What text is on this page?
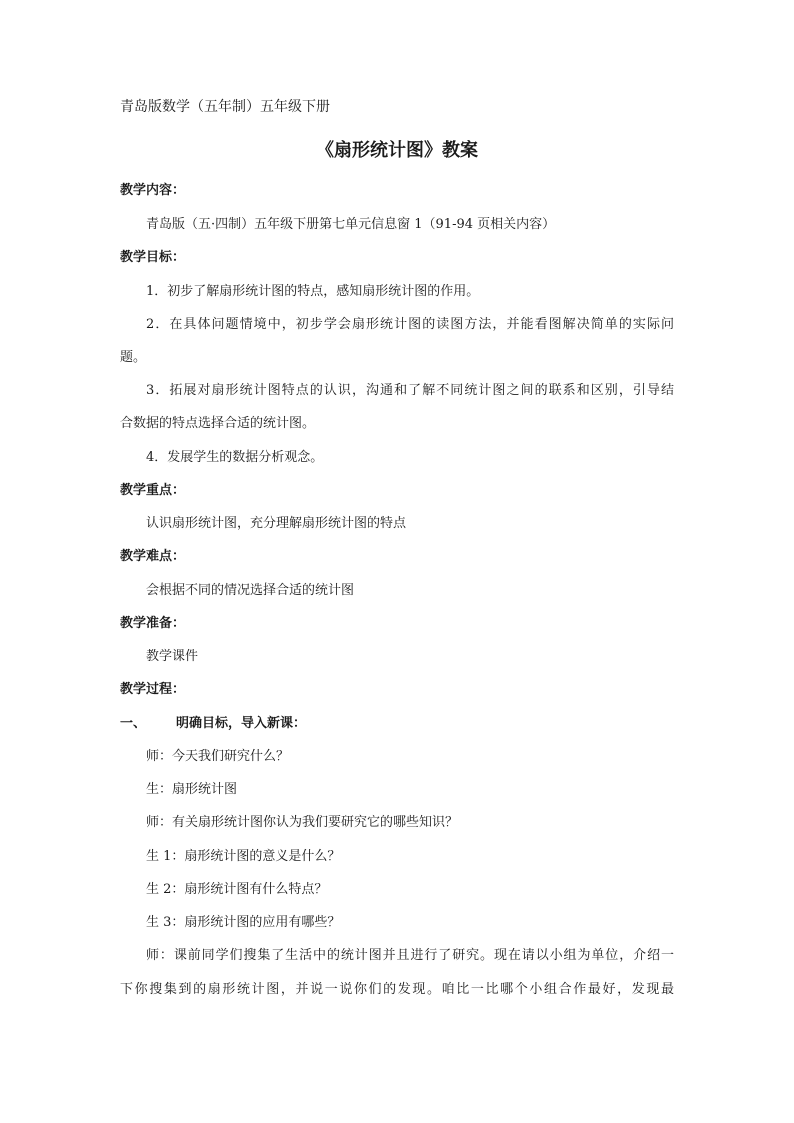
青岛版数学（五年制）五年级下册
《扇形统计图》教案
教学内容：
青岛版（五·四制）五年级下册第七单元信息窗 1（91-94 页相关内容）
教学目标：
1．初步了解扇形统计图的特点，感知扇形统计图的作用。
2．在具体问题情境中，初步学会扇形统计图的读图方法，并能看图解决简单的实际问
题。
3．拓展对扇形统计图特点的认识，沟通和了解不同统计图之间的联系和区别，引导结
合数据的特点选择合适的统计图。
4．发展学生的数据分析观念。
教学重点：
认识扇形统计图，充分理解扇形统计图的特点
教学难点：
会根据不同的情况选择合适的统计图
教学准备：
教学课件
教学过程：
一、 明确目标，导入新课：
师：今天我们研究什么？
生：扇形统计图
师：有关扇形统计图你认为我们要研究它的哪些知识？
生 1：扇形统计图的意义是什么？
生 2：扇形统计图有什么特点？
生 3：扇形统计图的应用有哪些？
师：课前同学们搜集了生活中的统计图并且进行了研究。现在请以小组为单位，介绍一
下你搜集到的扇形统计图，并说一说你们的发现。咱比一比哪个小组合作最好，发现最
